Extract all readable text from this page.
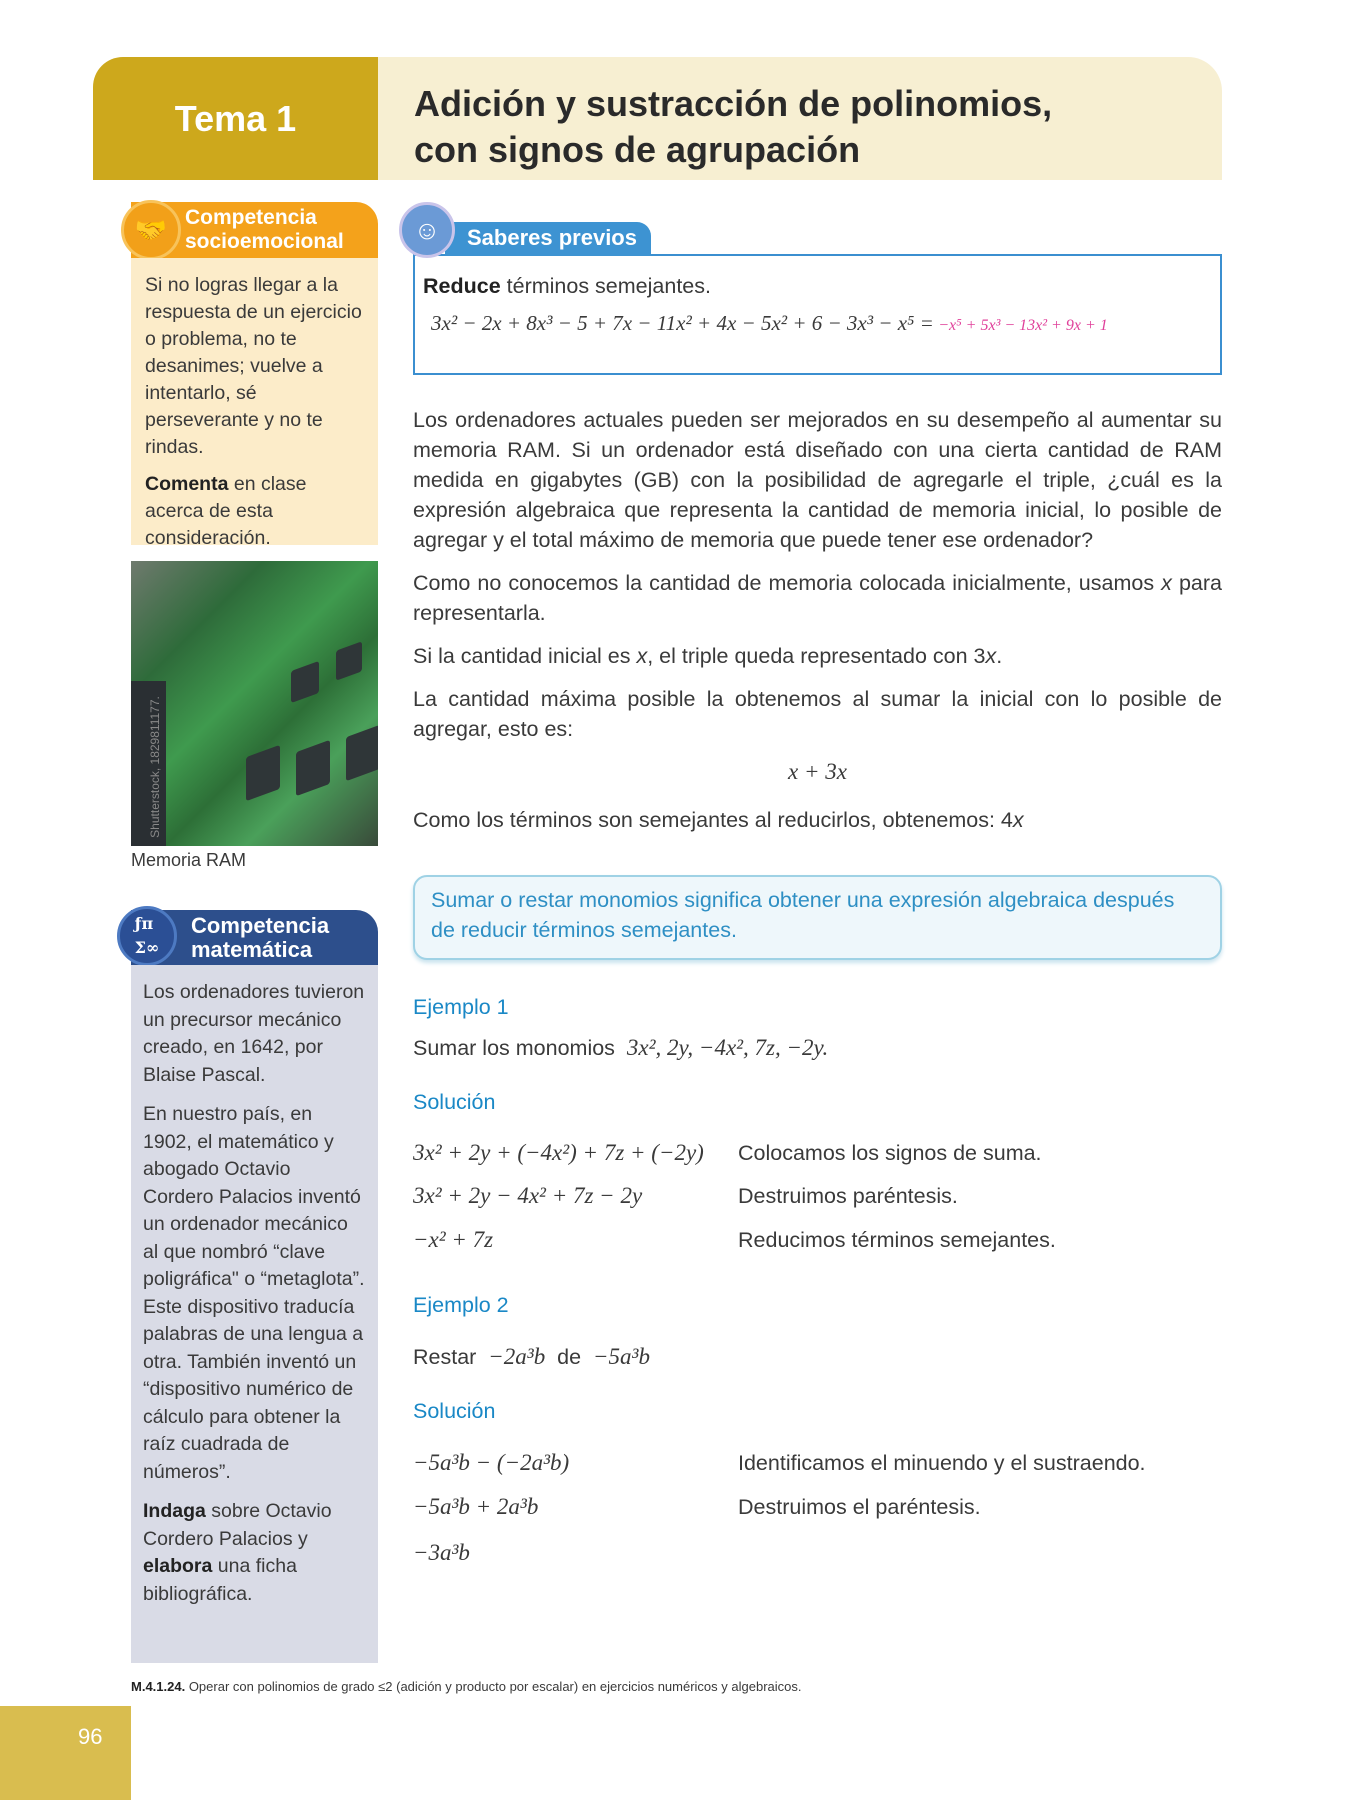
Tema 1	Adición y sustracción de polinomios,
con signos de agrupación
🤝 Competencia
socioemocional

Si no logras llegar a la respuesta de un ejercicio o problema, no te desanimes; vuelve a intentarlo, sé perseverante y no te rindas.

Comenta en clase acerca de esta consideración.

Shutterstock, 1829811177.
Memoria RAM
ƒπ
Σ∞
Competencia
matemática

Los ordenadores tuvieron un precursor mecánico creado, en 1642, por Blaise Pascal.

En nuestro país, en 1902, el matemático y abogado Octavio Cordero Palacios inventó un ordenador mecánico al que nombró “clave poligráfica" o “metaglota”. Este dispositivo traducía palabras de una lengua a otra. También inventó un “dispositivo numérico de cálculo para obtener la raíz cuadrada de números”.

Indaga sobre Octavio Cordero Palacios y elabora una ficha bibliográfica.

Reduce términos semejantes.
3x² − 2x + 8x³ − 5 + 7x − 11x² + 4x − 5x² + 6 − 3x³ − x⁵ = −x⁵ + 5x³ − 13x² + 9x + 1
☺	Saberes previos

Los ordenadores actuales pueden ser mejorados en su desempeño al aumentar su memoria RAM. Si un ordenador está diseñado con una cierta cantidad de RAM medida en gigabytes (GB) con la posibilidad de agregarle el triple, ¿cuál es la expresión algebraica que representa la cantidad de memoria inicial, lo posible de agregar y el total máximo de memoria que puede tener ese ordenador?

Como no conocemos la cantidad de memoria colocada inicialmente, usamos x para representarla.

Si la cantidad inicial es x, el triple queda representado con 3x.

La cantidad máxima posible la obtenemos al sumar la inicial con lo posible de agregar, esto es:

x + 3x

Como los términos son semejantes al reducirlos, obtenemos: 4x

Sumar o restar monomios significa obtener una expresión algebraica después de reducir términos semejantes.
Ejemplo 1
Sumar los monomios 3x², 2y, −4x², 7z, −2y.
Solución
3x² + 2y + (−4x²) + 7z + (−2y) Colocamos los signos de suma.
3x² + 2y − 4x² + 7z − 2y	Destruimos paréntesis.
−x² + 7z	Reducimos términos semejantes.
Ejemplo 2
Restar −2a³b de −5a³b
Solución
−5a³b − (−2a³b)	Identificamos el minuendo y el sustraendo.
−5a³b + 2a³b	Destruimos el paréntesis.
−3a³b
M.4.1.24. Operar con polinomios de grado ≤2 (adición y producto por escalar) en ejercicios numéricos y algebraicos.
96
